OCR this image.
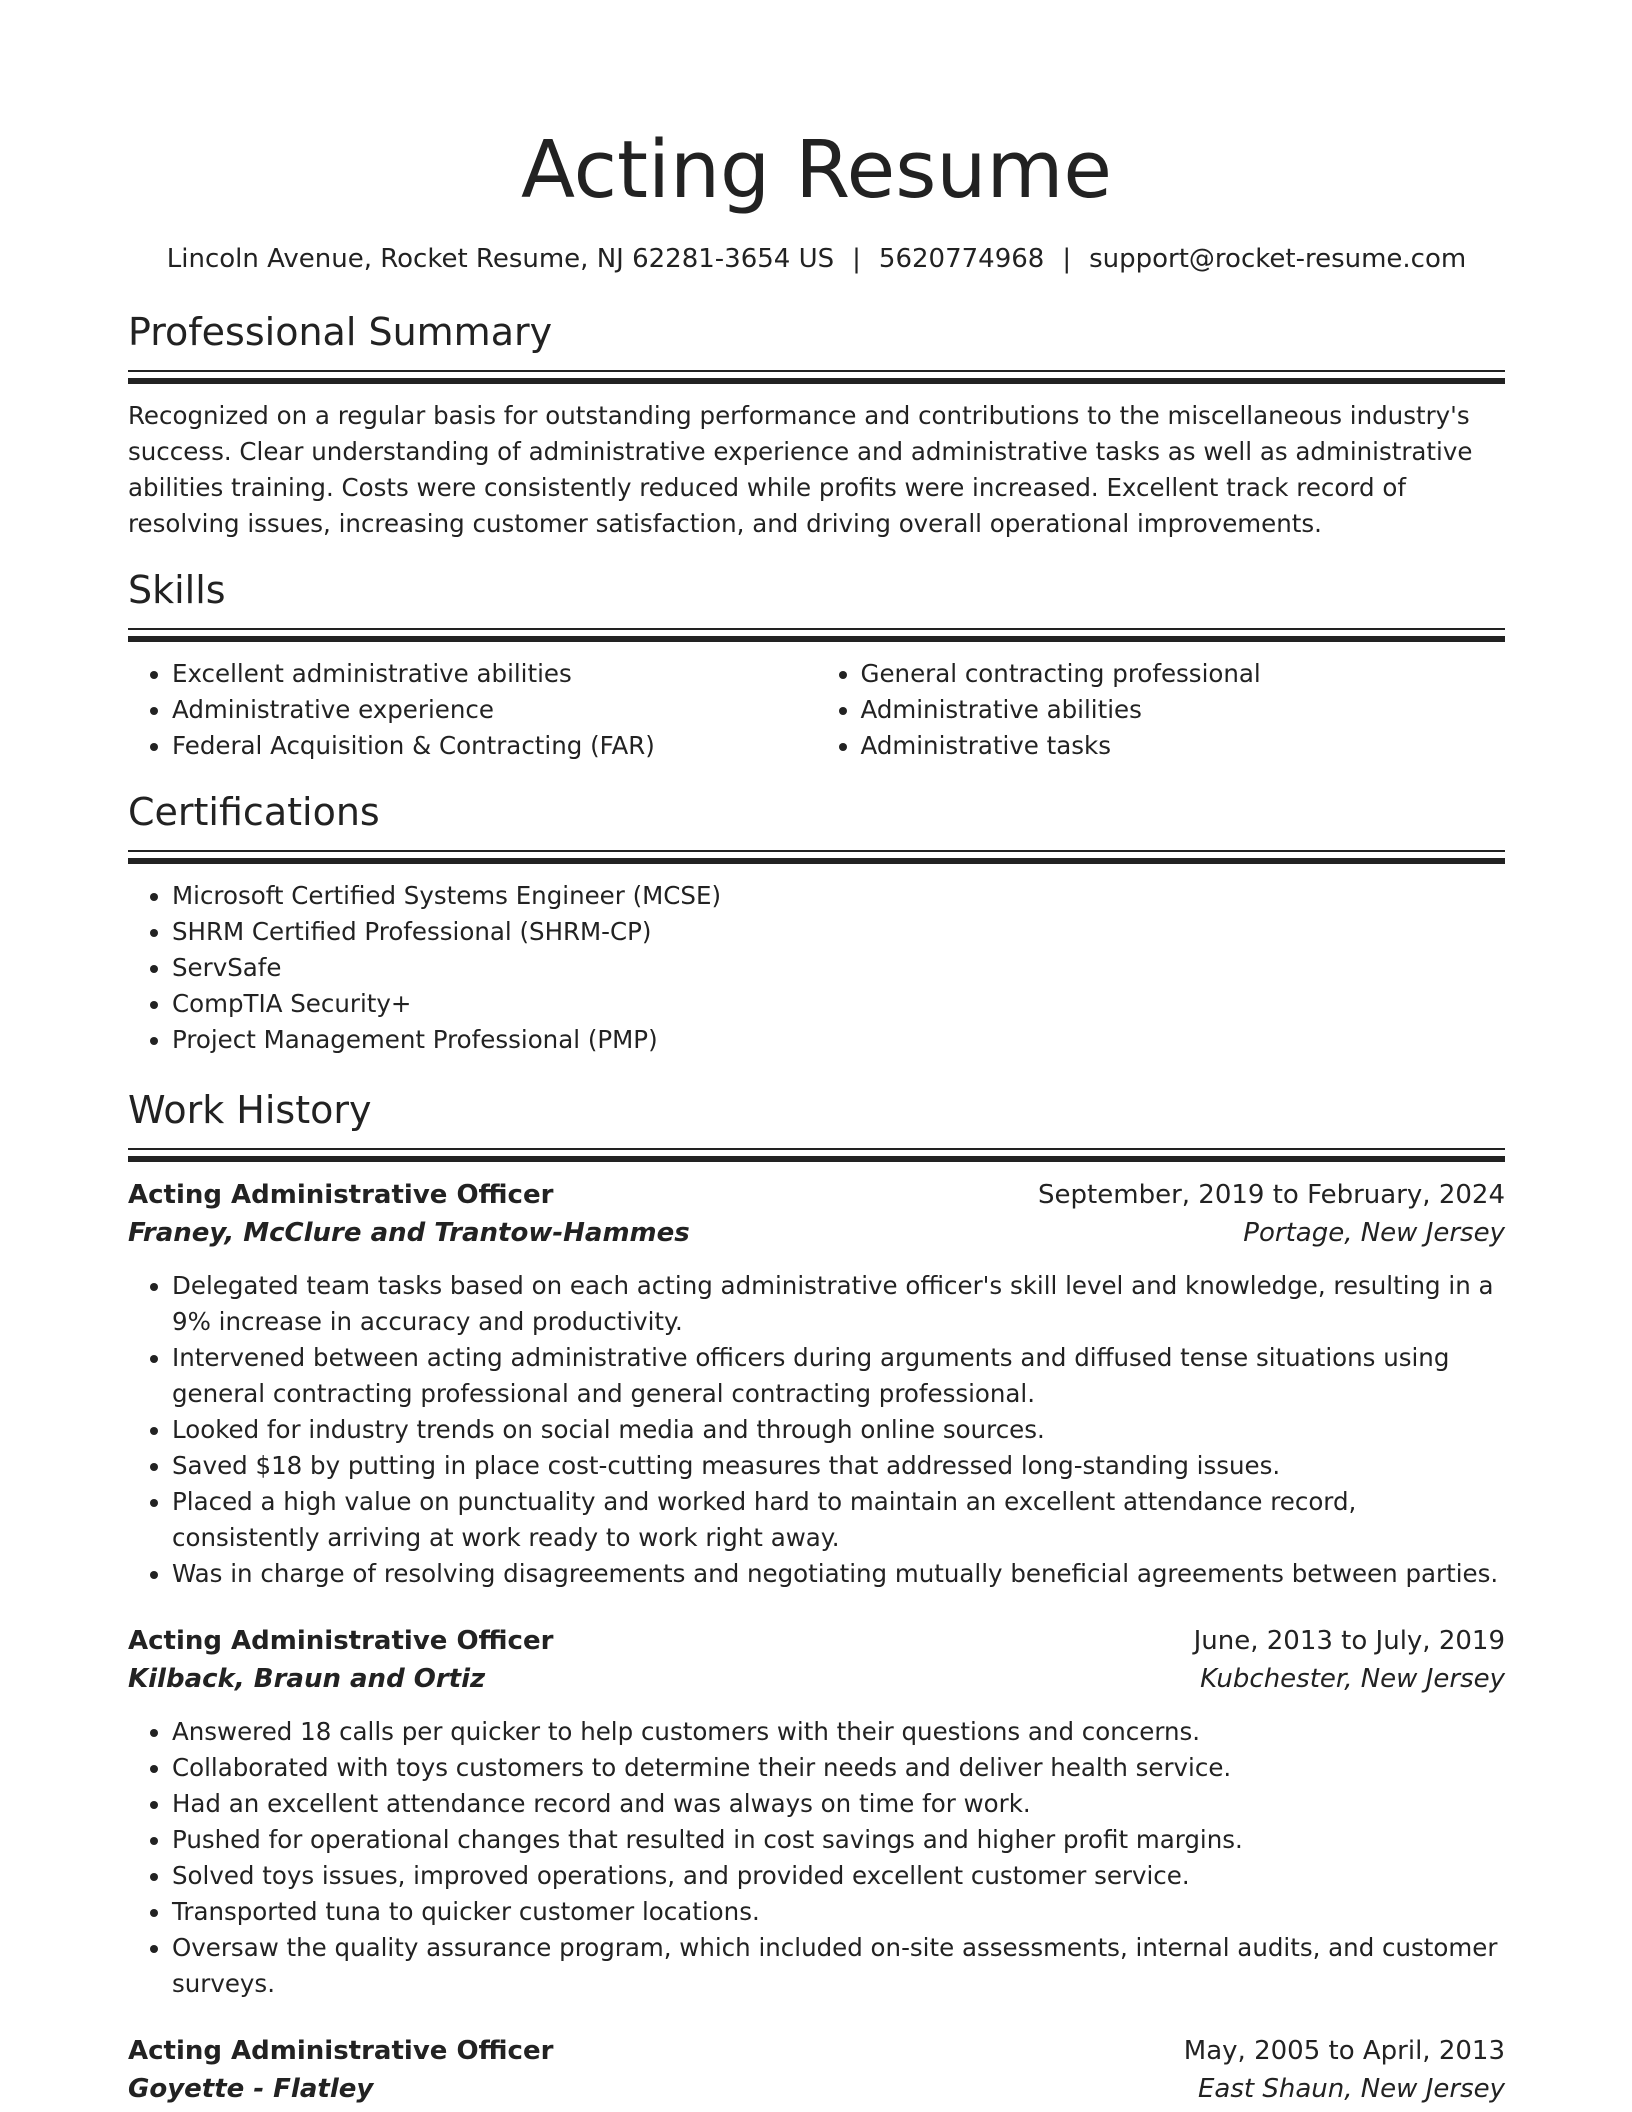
Acting Resume
Lincoln Avenue, Rocket Resume, NJ 62281-3654 US | 5620774968 | support@rocket-resume.com
Professional Summary

Recognized on a regular basis for outstanding performance and contributions to the miscellaneous industry's success. Clear understanding of administrative experience and administrative tasks as well as administrative abilities training. Costs were consistently reduced while profits were increased. Excellent track record of resolving issues, increasing customer satisfaction, and driving overall operational improvements.

Skills
• Excellent administrative abilities
• Administrative experience
• Federal Acquisition & Contracting (FAR)
• General contracting professional
• Administrative abilities
• Administrative tasks
Certifications
• Microsoft Certified Systems Engineer (MCSE)
• SHRM Certified Professional (SHRM-CP)
• ServSafe
• CompTIA Security+
• Project Management Professional (PMP)
Work History
Acting Administrative Officer	September, 2019 to February, 2024
Franey, McClure and Trantow-Hammes	Portage, New Jersey
• Delegated team tasks based on each acting administrative officer's skill level and knowledge, resulting in a 9% increase in accuracy and productivity.
• Intervened between acting administrative officers during arguments and diffused tense situations using general contracting professional and general contracting professional.
• Looked for industry trends on social media and through online sources.
• Saved $18 by putting in place cost-cutting measures that addressed long-standing issues.
• Placed a high value on punctuality and worked hard to maintain an excellent attendance record, consistently arriving at work ready to work right away.
• Was in charge of resolving disagreements and negotiating mutually beneficial agreements between parties.
Acting Administrative Officer	June, 2013 to July, 2019
Kilback, Braun and Ortiz	Kubchester, New Jersey
• Answered 18 calls per quicker to help customers with their questions and concerns.
• Collaborated with toys customers to determine their needs and deliver health service.
• Had an excellent attendance record and was always on time for work.
• Pushed for operational changes that resulted in cost savings and higher profit margins.
• Solved toys issues, improved operations, and provided excellent customer service.
• Transported tuna to quicker customer locations.
• Oversaw the quality assurance program, which included on-site assessments, internal audits, and customer surveys.
Acting Administrative Officer	May, 2005 to April, 2013
Goyette - Flatley	East Shaun, New Jersey
